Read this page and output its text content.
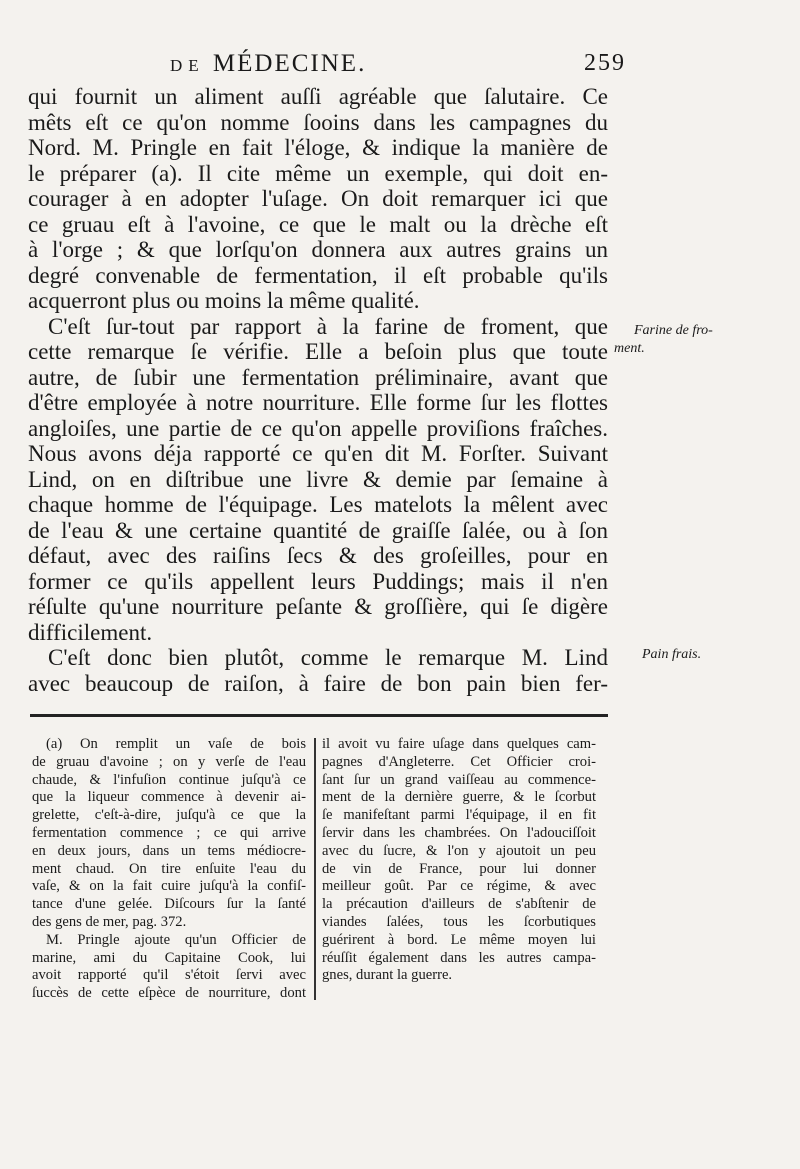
DE MÉDECINE.	259
qui fournit un aliment auſſi agréable que ſalutaire. Ce
mêts eſt ce qu'on nomme ſooins dans les campagnes du
Nord. M. Pringle en fait l'éloge, & indique la manière de
le préparer (a). Il cite même un exemple, qui doit en-
courager à en adopter l'uſage. On doit remarquer ici que
ce gruau eſt à l'avoine, ce que le malt ou la drèche eſt
à l'orge ; & que lorſqu'on donnera aux autres grains un
degré convenable de fermentation, il eſt probable qu'ils
acquerront plus ou moins la même qualité.
C'eſt ſur-tout par rapport à la farine de froment, que
cette remarque ſe vérifie. Elle a beſoin plus que toute
autre, de ſubir une fermentation préliminaire, avant que
d'être employée à notre nourriture. Elle forme ſur les flottes
angloiſes, une partie de ce qu'on appelle proviſions fraîches.
Nous avons déja rapporté ce qu'en dit M. Forſter. Suivant
Lind, on en diſtribue une livre & demie par ſemaine à
chaque homme de l'équipage. Les matelots la mêlent avec
de l'eau & une certaine quantité de graiſſe ſalée, ou à ſon
défaut, avec des raiſins ſecs & des groſeilles, pour en
former ce qu'ils appellent leurs Puddings; mais il n'en
réſulte qu'une nourriture peſante & groſſière, qui ſe digère
difficilement.
C'eſt donc bien plutôt, comme le remarque M. Lind
avec beaucoup de raiſon, à faire de bon pain bien fer-
Farine de fro-
ment.
Pain frais.
(a) On remplit un vaſe de bois
de gruau d'avoine ; on y verſe de l'eau
chaude, & l'infuſion continue juſqu'à ce
que la liqueur commence à devenir ai-
grelette, c'eſt-à-dire, juſqu'à ce que la
fermentation commence ; ce qui arrive
en deux jours, dans un tems médiocre-
ment chaud. On tire enſuite l'eau du
vaſe, & on la fait cuire juſqu'à la confiſ-
tance d'une gelée. Diſcours ſur la ſanté
des gens de mer, pag. 372.
M. Pringle ajoute qu'un Officier de
marine, ami du Capitaine Cook, lui
avoit rapporté qu'il s'étoit ſervi avec
ſuccès de cette eſpèce de nourriture, dont
il avoit vu faire uſage dans quelques cam-
pagnes d'Angleterre. Cet Officier croi-
ſant ſur un grand vaiſſeau au commence-
ment de la dernière guerre, & le ſcorbut
ſe manifeſtant parmi l'équipage, il en fit
ſervir dans les chambrées. On l'adouciſſoit
avec du ſucre, & l'on y ajoutoit un peu
de vin de France, pour lui donner
meilleur goût. Par ce régime, & avec
la précaution d'ailleurs de s'abſtenir de
viandes ſalées, tous les ſcorbutiques
guérirent à bord. Le même moyen lui
réuſſit également dans les autres campa-
gnes, durant la guerre.
